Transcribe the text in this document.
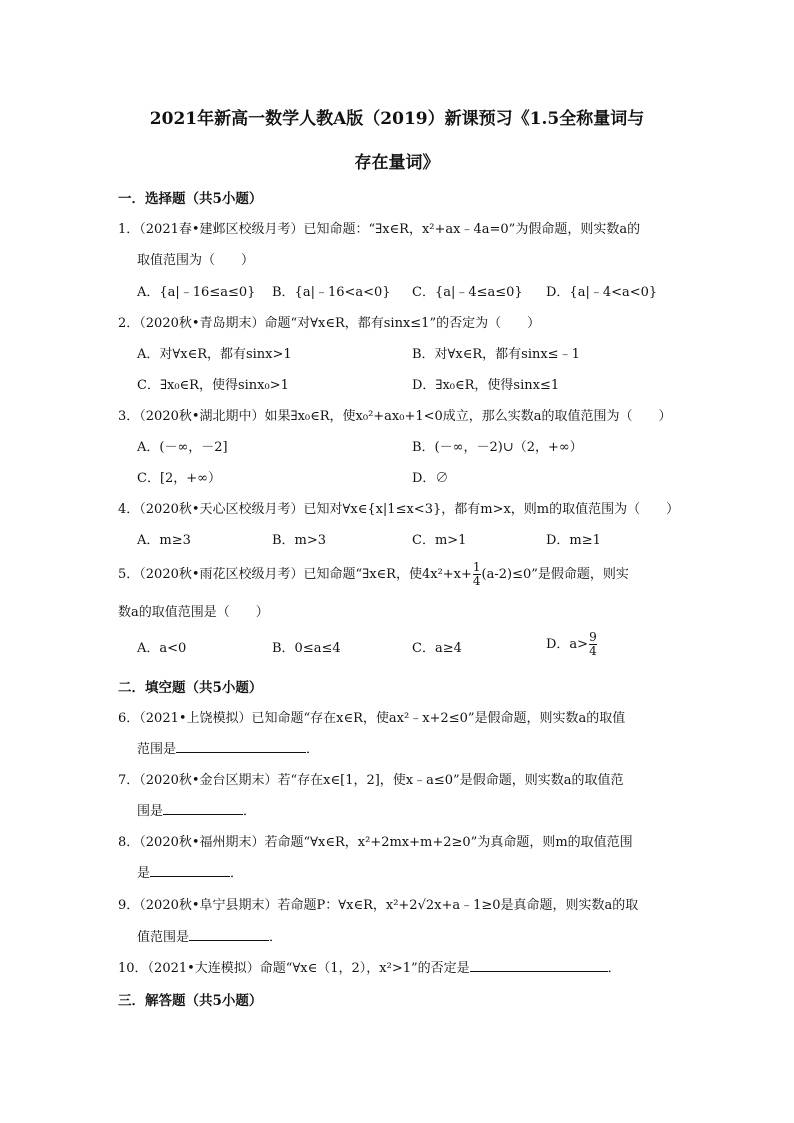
2021年新高一数学人教A版（2019）新课预习《1.5全称量词与
存在量词》
一．选择题（共5小题）
1．（2021春•建邺区校级月考）已知命题：“∃x∈R，x²+ax﹣4a=0”为假命题，则实数a的
取值范围为（　　）
A．{a|﹣16≤a≤0} B．{a|﹣16<a<0} C．{a|﹣4≤a≤0} D．{a|﹣4<a<0}
2．（2020秋•青岛期末）命题“对∀x∈R，都有sinx≤1”的否定为（　　）
A．对∀x∈R，都有sinx>1	B．对∀x∈R，都有sinx≤﹣1
C．∃x₀∈R，使得sinx₀>1	D．∃x₀∈R，使得sinx≤1
3．（2020秋•湖北期中）如果∃x₀∈R，使x₀²+ax₀+1<0成立，那么实数a的取值范围为（　　）
A．(－∞，－2]	B．(－∞，－2)∪（2，+∞）
C．[2，+∞）	D．∅
4．（2020秋•天心区校级月考）已知对∀x∈{x|1≤x<3}，都有m>x，则m的取值范围为（　　）
A．m≥3	B．m>3	C．m>1	D．m≥1
5．（2020秋•雨花区校级月考）已知命题“∃x∈R，使$4x^2+x+ \frac{1}{4} (a-2)\le 0$”是假命题，则实
数a的取值范围是（　　）
A．a<0	B．0≤a≤4	C．a≥4	D．$a> \frac{9}{4}$
二．填空题（共5小题）
6．（2021•上饶模拟）已知命题“存在x∈R，使ax²﹣x+2≤0”是假命题，则实数a的取值
范围是	．
7．（2020秋•金台区期末）若“存在x∈[1，2]，使x﹣a≤0”是假命题，则实数a的取值范
围是	．
8．（2020秋•福州期末）若命题“∀x∈R，x²+2mx+m+2≥0”为真命题，则m的取值范围
是	．
9．（2020秋•阜宁县期末）若命题P：∀x∈R，x²+2√2x+a﹣1≥0是真命题，则实数a的取
值范围是	．
10．（2021•大连模拟）命题“∀x∈（1，2），x²>1”的否定是	．
三．解答题（共5小题）
